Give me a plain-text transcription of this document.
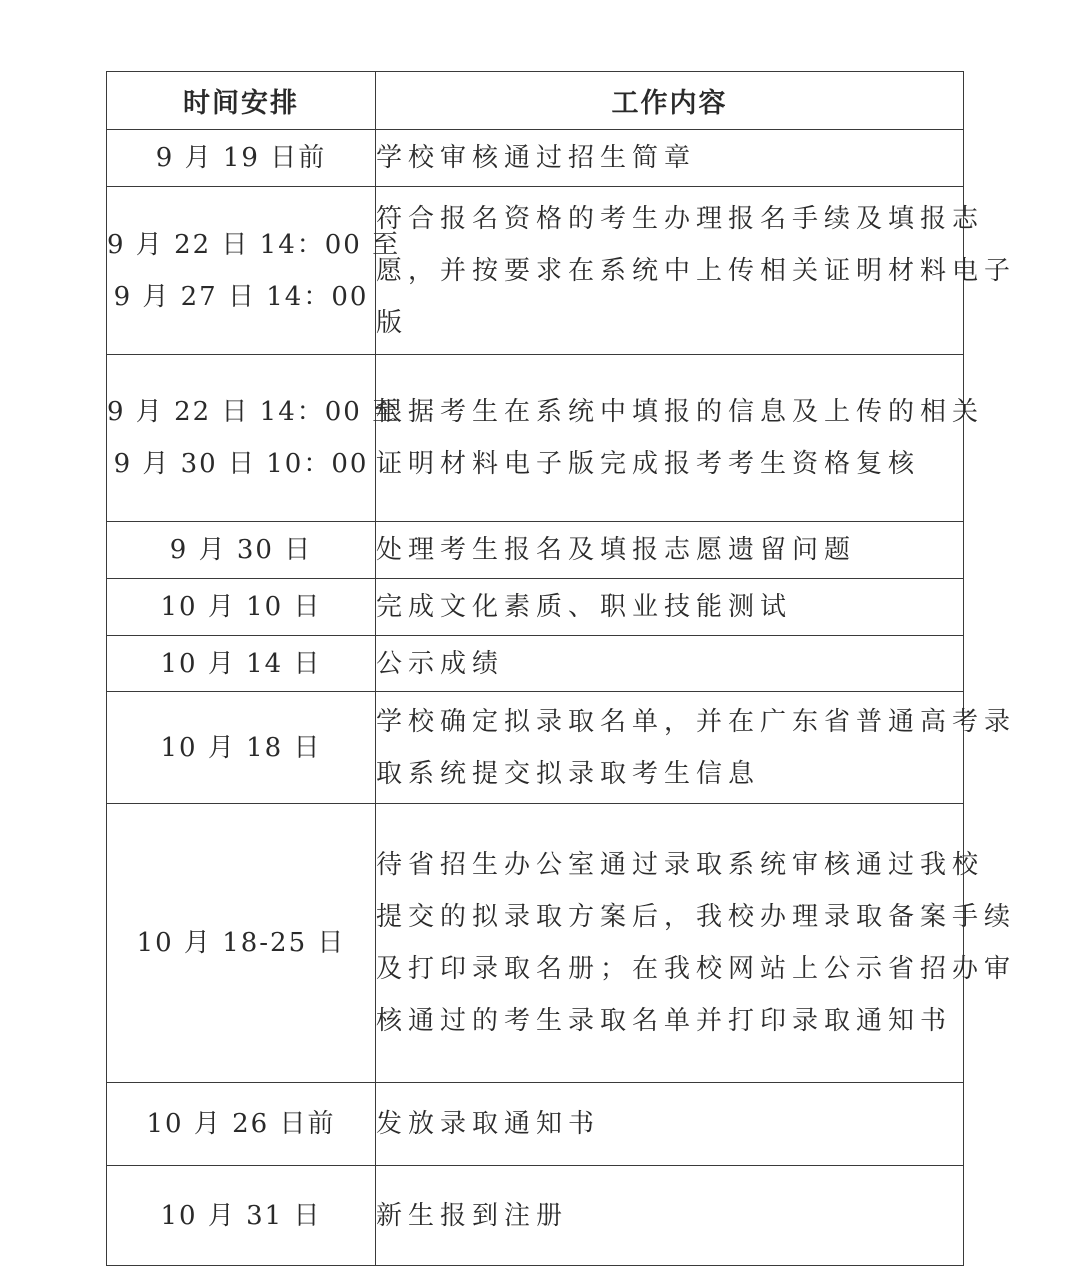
时间安排	工作内容

9 月 19 日前	学校审核通过招生简章

9 月 22 日 14：00 至
9 月 27 日 14：00	符合报名资格的考生办理报名手续及填报志
愿，并按要求在系统中上传相关证明材料电子
版

9 月 22 日 14：00 至
9 月 30 日 10：00	根据考生在系统中填报的信息及上传的相关
证明材料电子版完成报考考生资格复核

9 月 30 日	处理考生报名及填报志愿遗留问题

10 月 10 日	完成文化素质、职业技能测试

10 月 14 日	公示成绩

10 月 18 日	学校确定拟录取名单，并在广东省普通高考录
取系统提交拟录取考生信息

10 月 18-25 日	待省招生办公室通过录取系统审核通过我校
提交的拟录取方案后，我校办理录取备案手续
及打印录取名册；在我校网站上公示省招办审
核通过的考生录取名单并打印录取通知书

10 月 26 日前	发放录取通知书

10 月 31 日	新生报到注册
